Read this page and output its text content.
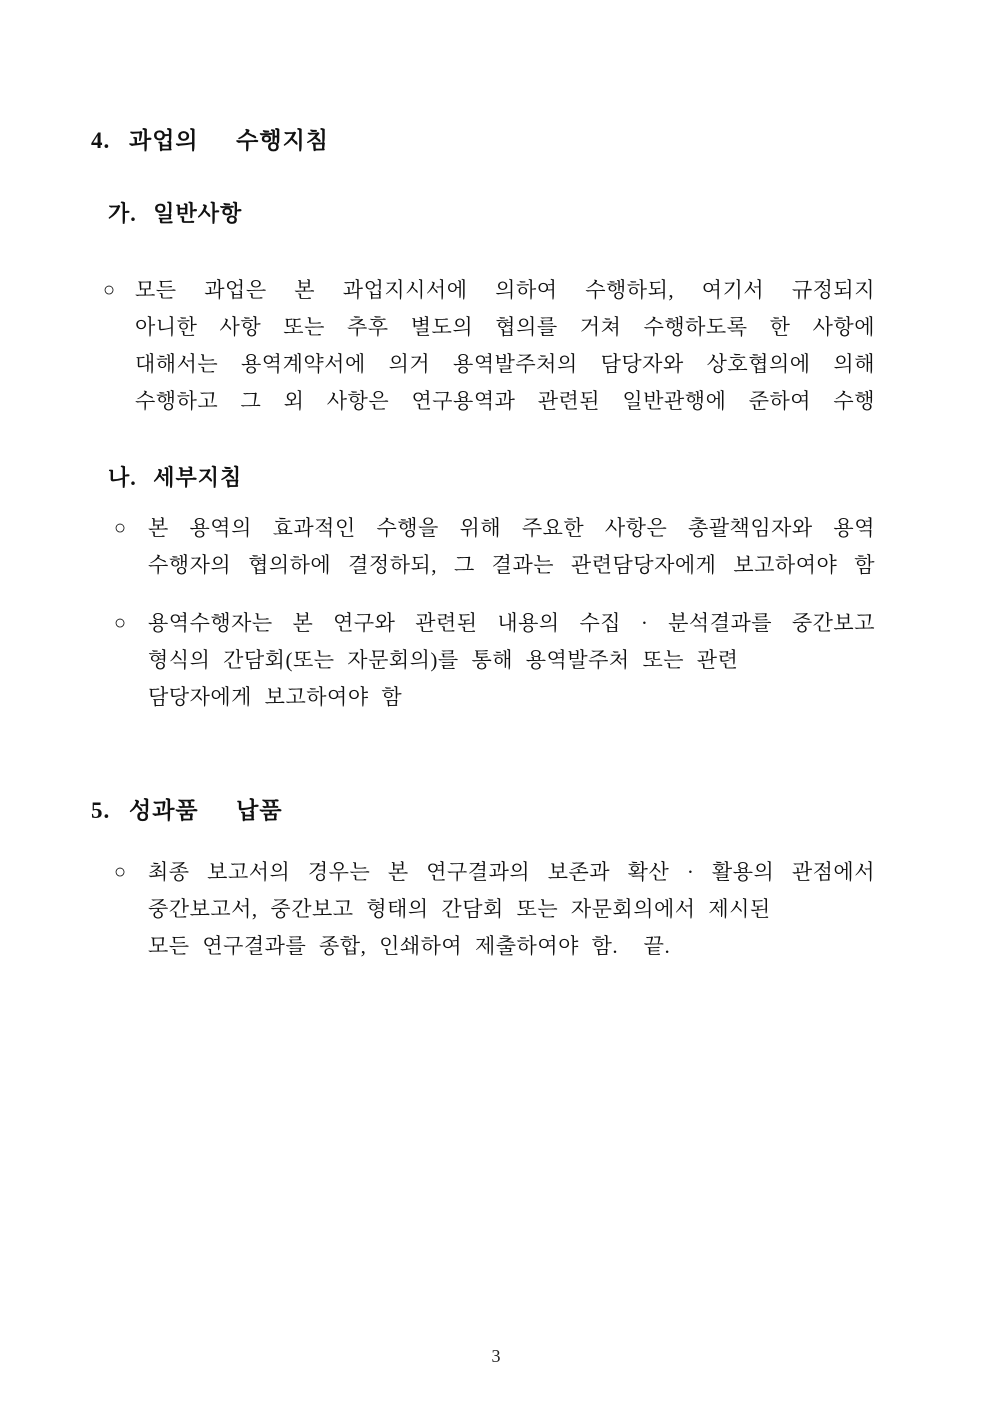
4. 과업의  수행지침
가. 일반사항
○ 모든 과업은 본 과업지시서에 의하여 수행하되, 여기서 규정되지
아니한 사항 또는 추후 별도의 협의를 거쳐 수행하도록 한 사항에
대해서는 용역계약서에 의거 용역발주처의 담당자와 상호협의에 의해
수행하고 그 외 사항은 연구용역과 관련된 일반관행에 준하여 수행
나. 세부지침
○ 본 용역의 효과적인 수행을 위해 주요한 사항은 총괄책임자와 용역
수행자의 협의하에 결정하되, 그 결과는 관련담당자에게 보고하여야 함
○ 용역수행자는 본 연구와 관련된 내용의 수집 · 분석결과를 중간보고
형식의 간담회(또는 자문회의)를 통해 용역발주처 또는 관련
담당자에게 보고하여야 함
5. 성과품  납품
○ 최종 보고서의 경우는 본 연구결과의 보존과 확산 · 활용의 관점에서
중간보고서, 중간보고 형태의 간담회 또는 자문회의에서 제시된
모든 연구결과를 종합, 인쇄하여 제출하여야 함.  끝.
3
